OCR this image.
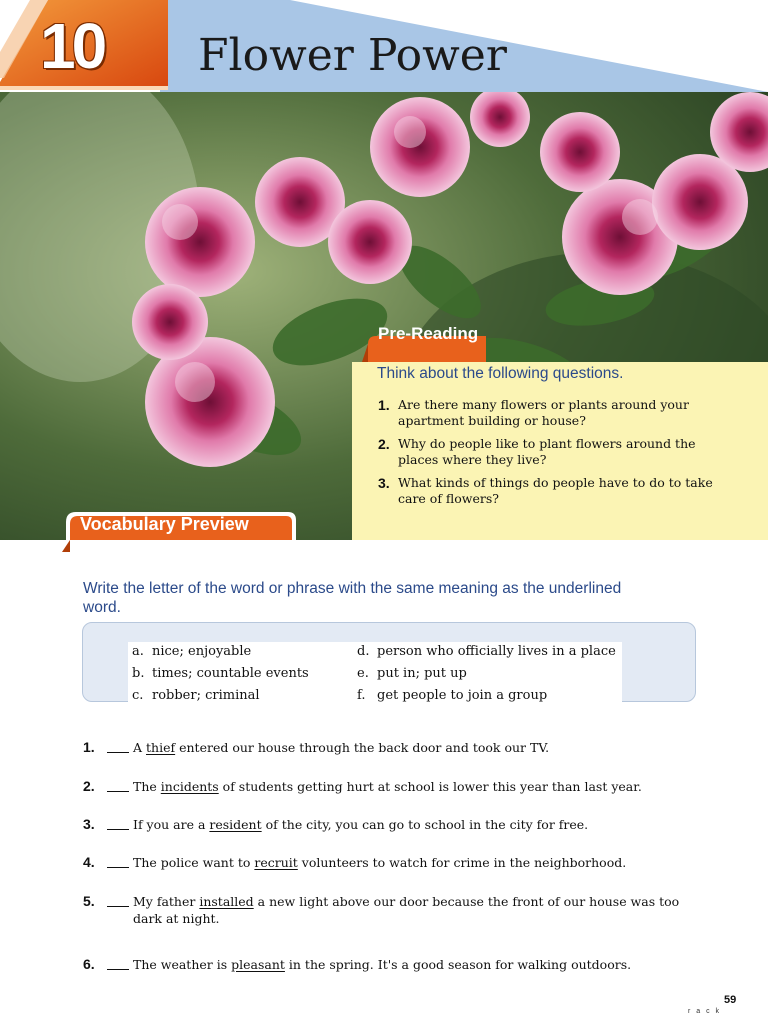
10	Flower Power
Pre-Reading
Think about the following questions.
1. Are there many flowers or plants around your apartment building or house?
2. Why do people like to plant flowers around the places where they live?
3. What kinds of things do people have to do to take care of flowers?
Vocabulary Preview
Write the letter of the word or phrase with the same meaning as the underlined word.
a. nice; enjoyable
b. times; countable events
c. robber; criminal
d. person who officially lives in a place
e. put in; put up
f. get people to join a group
1.	A thief entered our house through the back door and took our TV.
2.	The incidents of students getting hurt at school is lower this year than last year.
3.	If you are a resident of the city, you can go to school in the city for free.
4.	The police want to recruit volunteers to watch for crime in the neighborhood.
5.	My father installed a new light above our door because the front of our house was too dark at night.
6.	The weather is pleasant in the spring. It's a good season for walking outdoors.
59
r a c k
